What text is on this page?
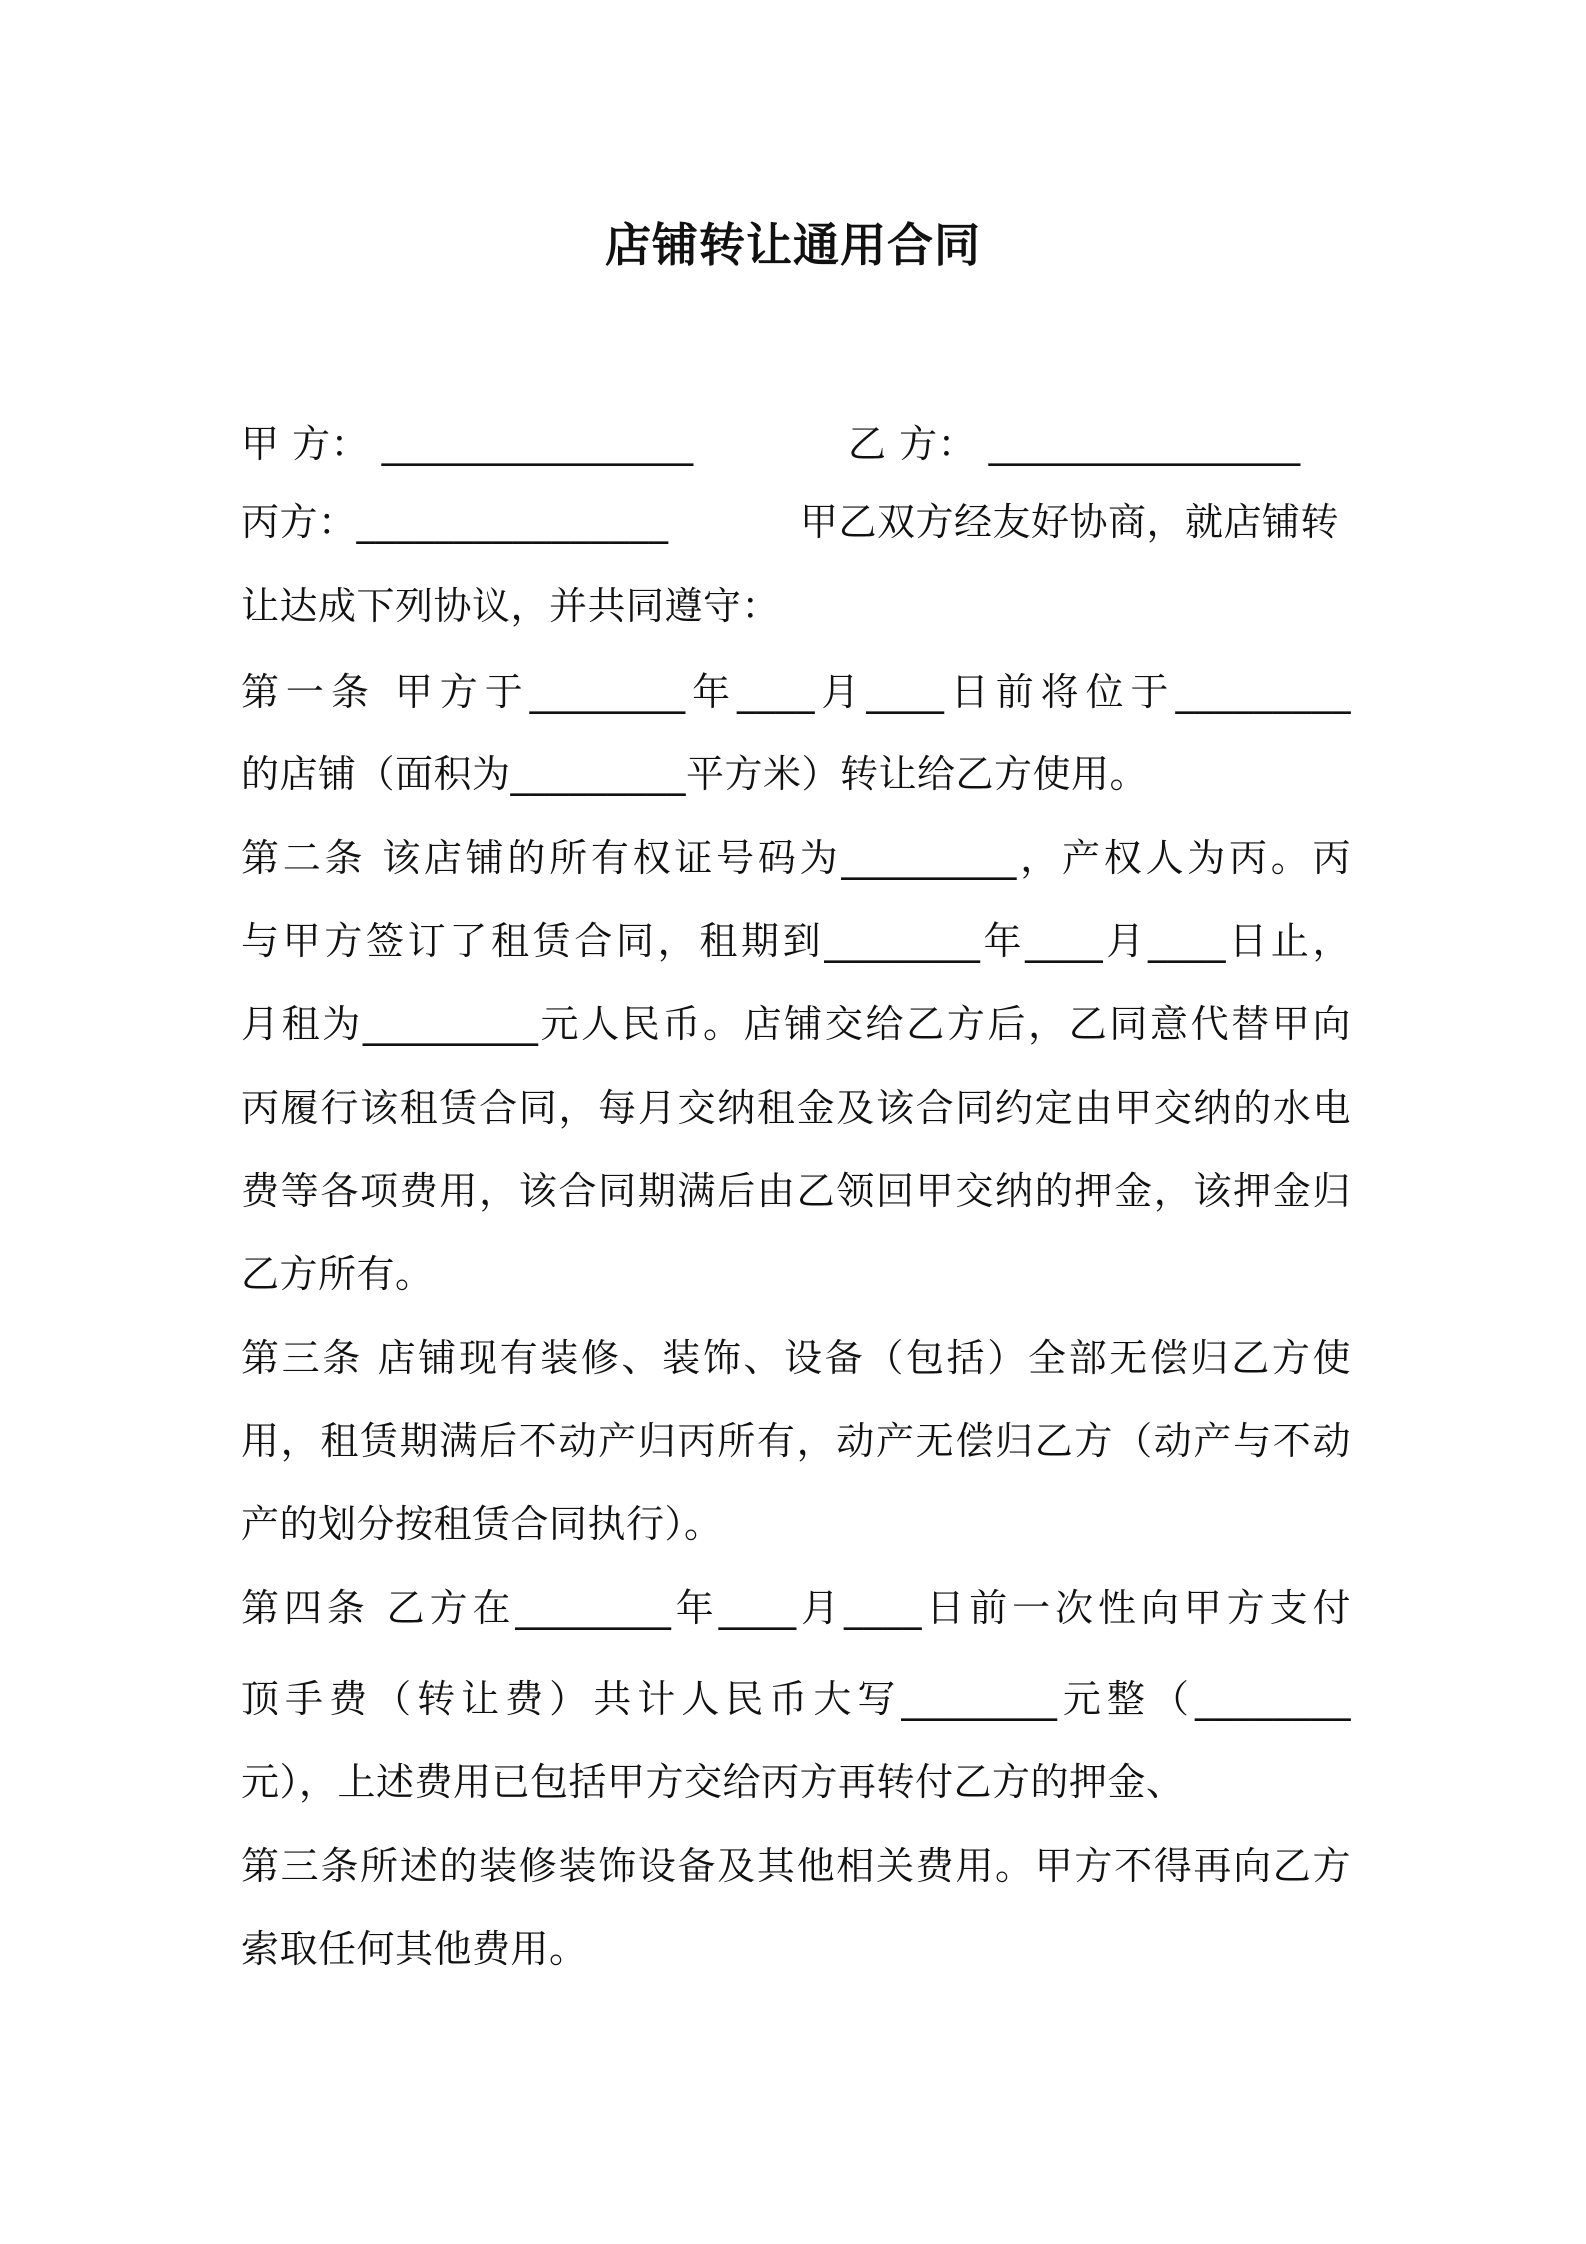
店铺转让通用合同
甲 方： ________________	乙 方： ________________
丙方：________________	甲乙双方经友好协商，就店铺转
让达成下列协议，并共同遵守：
第一条 甲方于________年____月____日前将位于_________
的店铺（面积为_________平方米）转让给乙方使用。
第二条 该店铺的所有权证号码为_________，产权人为丙。丙
与甲方签订了租赁合同，租期到________年____月____日止，
月租为_________元人民币。店铺交给乙方后，乙同意代替甲向
丙履行该租赁合同，每月交纳租金及该合同约定由甲交纳的水电
费等各项费用，该合同期满后由乙领回甲交纳的押金，该押金归
乙方所有。
第三条 店铺现有装修、装饰、设备（包括）全部无偿归乙方使
用，租赁期满后不动产归丙所有，动产无偿归乙方（动产与不动
产的划分按租赁合同执行）。
第四条 乙方在________年____月____日前一次性向甲方支付
顶手费（转让费）共计人民币大写________元整（________
元），上述费用已包括甲方交给丙方再转付乙方的押金、
第三条所述的装修装饰设备及其他相关费用。甲方不得再向乙方
索取任何其他费用。
